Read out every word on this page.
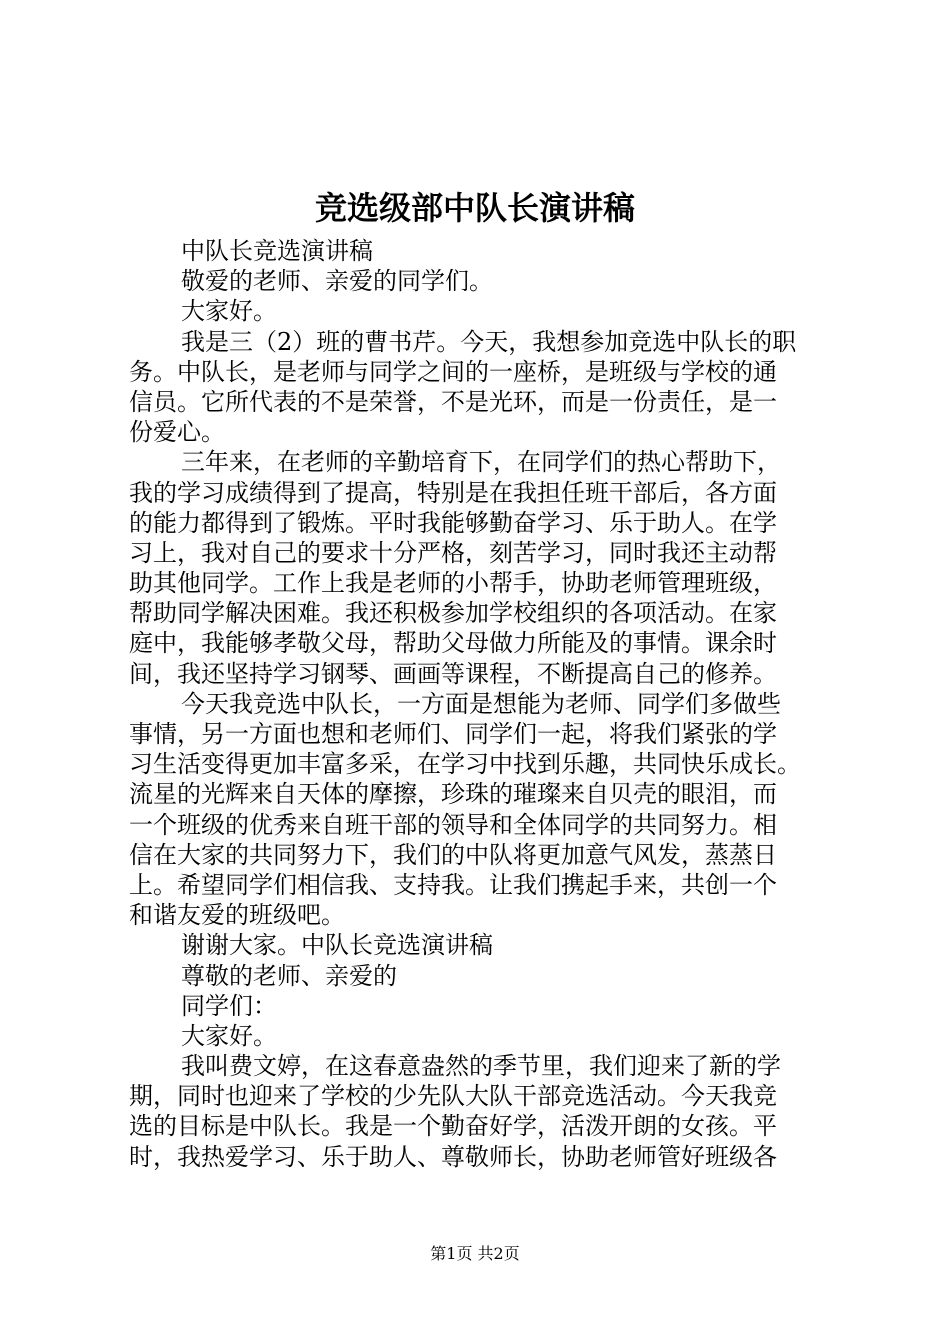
竞选级部中队长演讲稿
中队长竞选演讲稿
敬爱的老师、亲爱的同学们。
大家好。
我是三（2）班的曹书芹。今天，我想参加竞选中队长的职
务。中队长，是老师与同学之间的一座桥，是班级与学校的通
信员。它所代表的不是荣誉，不是光环，而是一份责任，是一
份爱心。
三年来，在老师的辛勤培育下，在同学们的热心帮助下，
我的学习成绩得到了提高，特别是在我担任班干部后，各方面
的能力都得到了锻炼。平时我能够勤奋学习、乐于助人。在学
习上，我对自己的要求十分严格，刻苦学习，同时我还主动帮
助其他同学。工作上我是老师的小帮手，协助老师管理班级，
帮助同学解决困难。我还积极参加学校组织的各项活动。在家
庭中，我能够孝敬父母，帮助父母做力所能及的事情。课余时
间，我还坚持学习钢琴、画画等课程，不断提高自己的修养。
今天我竞选中队长，一方面是想能为老师、同学们多做些
事情，另一方面也想和老师们、同学们一起，将我们紧张的学
习生活变得更加丰富多采，在学习中找到乐趣，共同快乐成长。
流星的光辉来自天体的摩擦，珍珠的璀璨来自贝壳的眼泪，而
一个班级的优秀来自班干部的领导和全体同学的共同努力。相
信在大家的共同努力下，我们的中队将更加意气风发，蒸蒸日
上。希望同学们相信我、支持我。让我们携起手来，共创一个
和谐友爱的班级吧。
谢谢大家。中队长竞选演讲稿
尊敬的老师、亲爱的
同学们：
大家好。
我叫费文婷，在这春意盎然的季节里，我们迎来了新的学
期，同时也迎来了学校的少先队大队干部竞选活动。今天我竞
选的目标是中队长。我是一个勤奋好学，活泼开朗的女孩。平
时，我热爱学习、乐于助人、尊敬师长，协助老师管好班级各
第1页 共2页
